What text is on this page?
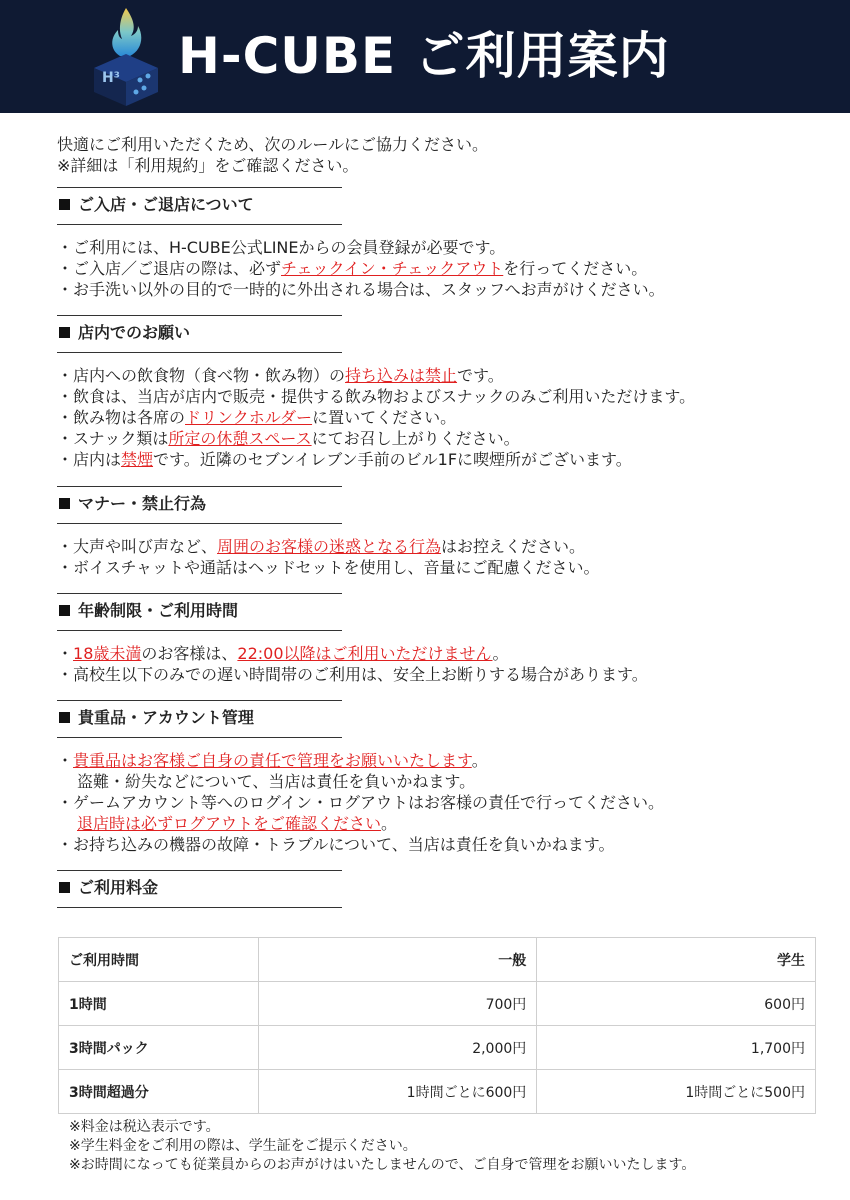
H³ H-CUBE ご利用案内
快適にご利用いただくため、次のルールにご協力ください。
※詳細は「利用規約」をご確認ください。
ご入店・ご退店について
・ご利用には、H-CUBE公式LINEからの会員登録が必要です。
・ご入店／ご退店の際は、必ずチェックイン・チェックアウトを行ってください。
・お手洗い以外の目的で一時的に外出される場合は、スタッフへお声がけください。
店内でのお願い
・店内への飲食物（食べ物・飲み物）の持ち込みは禁止です。
・飲食は、当店が店内で販売・提供する飲み物およびスナックのみご利用いただけます。
・飲み物は各席のドリンクホルダーに置いてください。
・スナック類は所定の休憩スペースにてお召し上がりください。
・店内は禁煙です。近隣のセブンイレブン手前のビル1Fに喫煙所がございます。
マナー・禁止行為
・大声や叫び声など、周囲のお客様の迷惑となる行為はお控えください。
・ボイスチャットや通話はヘッドセットを使用し、音量にご配慮ください。
年齢制限・ご利用時間
・18歳未満のお客様は、22:00以降はご利用いただけません。
・高校生以下のみでの遅い時間帯のご利用は、安全上お断りする場合があります。
貴重品・アカウント管理
・貴重品はお客様ご自身の責任で管理をお願いいたします。
盗難・紛失などについて、当店は責任を負いかねます。
・ゲームアカウント等へのログイン・ログアウトはお客様の責任で行ってください。
退店時は必ずログアウトをご確認ください。
・お持ち込みの機器の故障・トラブルについて、当店は責任を負いかねます。
ご利用料金
ご利用時間	一般	学生
1時間	700円	600円
3時間パック	2,000円	1,700円
3時間超過分	1時間ごとに600円	1時間ごとに500円
※料金は税込表示です。
※学生料金をご利用の際は、学生証をご提示ください。
※お時間になっても従業員からのお声がけはいたしませんので、ご自身で管理をお願いいたします。
